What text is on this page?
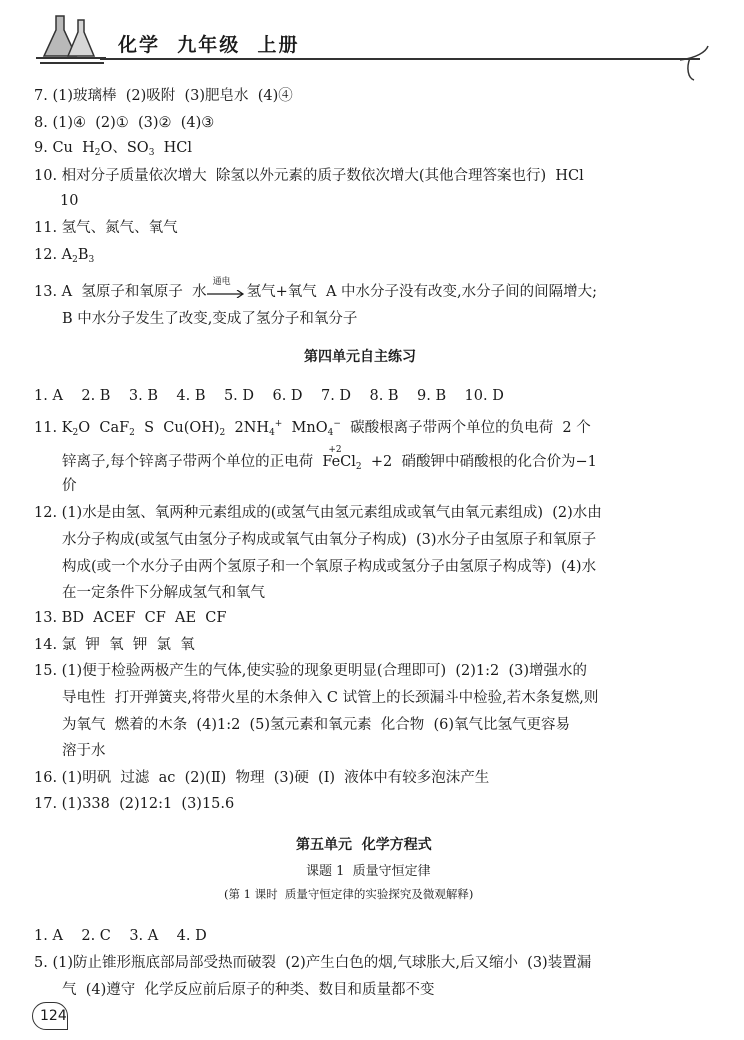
化学  九年级  上册
7. (1)玻璃棒  (2)吸附  (3)肥皂水  (4)④
8. (1)④  (2)①  (3)②  (4)③
9. Cu  $H_2O$、$SO_3$  HCl
10. 相对分子质量依次增大  除氢以外元素的质子数依次增大(其他合理答案也行)  HCl
10
11. 氢气、氮气、氧气
12. $A_2B_3$
13. A  氢原子和氧原子  水
通电
氢气+氧气  A 中水分子没有改变,水分子间的间隔增大;
B 中水分子发生了改变,变成了氢分子和氧分子
第四单元自主练习
1. A    2. B    3. B    4. B    5. D    6. D    7. D    8. B    9. B    10. D
11. $K_2O$  CaF$_2$  S  $Cu(OH)_2$  $2NH_4^+$  MnO$_4$−  碳酸根离子带两个单位的负电荷  2 个
锌离子,每个锌离子带两个单位的正电荷
+2
FeCl$_2$  +2  硝酸钾中硝酸根的化合价为−1
价
12. (1)水是由氢、氧两种元素组成的(或氢气由氢元素组成或氧气由氧元素组成)  (2)水由
水分子构成(或氢气由氢分子构成或氧气由氧分子构成)  (3)水分子由氢原子和氧原子
构成(或一个水分子由两个氢原子和一个氧原子构成或氢分子由氢原子构成等)  (4)水
在一定条件下分解成氢气和氧气
13. BD  ACEF  CF  AE  CF
14. 氯  钾  氧  钾  氯  氧
15. (1)便于检验两极产生的气体,使实验的现象更明显(合理即可)  (2)1:2  (3)增强水的
导电性  打开弹簧夹,将带火星的木条伸入 C 试管上的长颈漏斗中检验,若木条复燃,则
为氧气  燃着的木条  (4)1:2  (5)氢元素和氧元素  化合物  (6)氧气比氢气更容易
溶于水
16. (1)明矾  过滤  ac  (2)(Ⅱ)  物理  (3)硬  (Ⅰ)  液体中有较多泡沫产生
17. (1)338  (2)12:1  (3)15.6
第五单元  化学方程式
课题 1  质量守恒定律
(第 1 课时  质量守恒定律的实验探究及微观解释)
1. A    2. C    3. A    4. D
5. (1)防止锥形瓶底部局部受热而破裂  (2)产生白色的烟,气球胀大,后又缩小  (3)装置漏
气  (4)遵守  化学反应前后原子的种类、数目和质量都不变
124
